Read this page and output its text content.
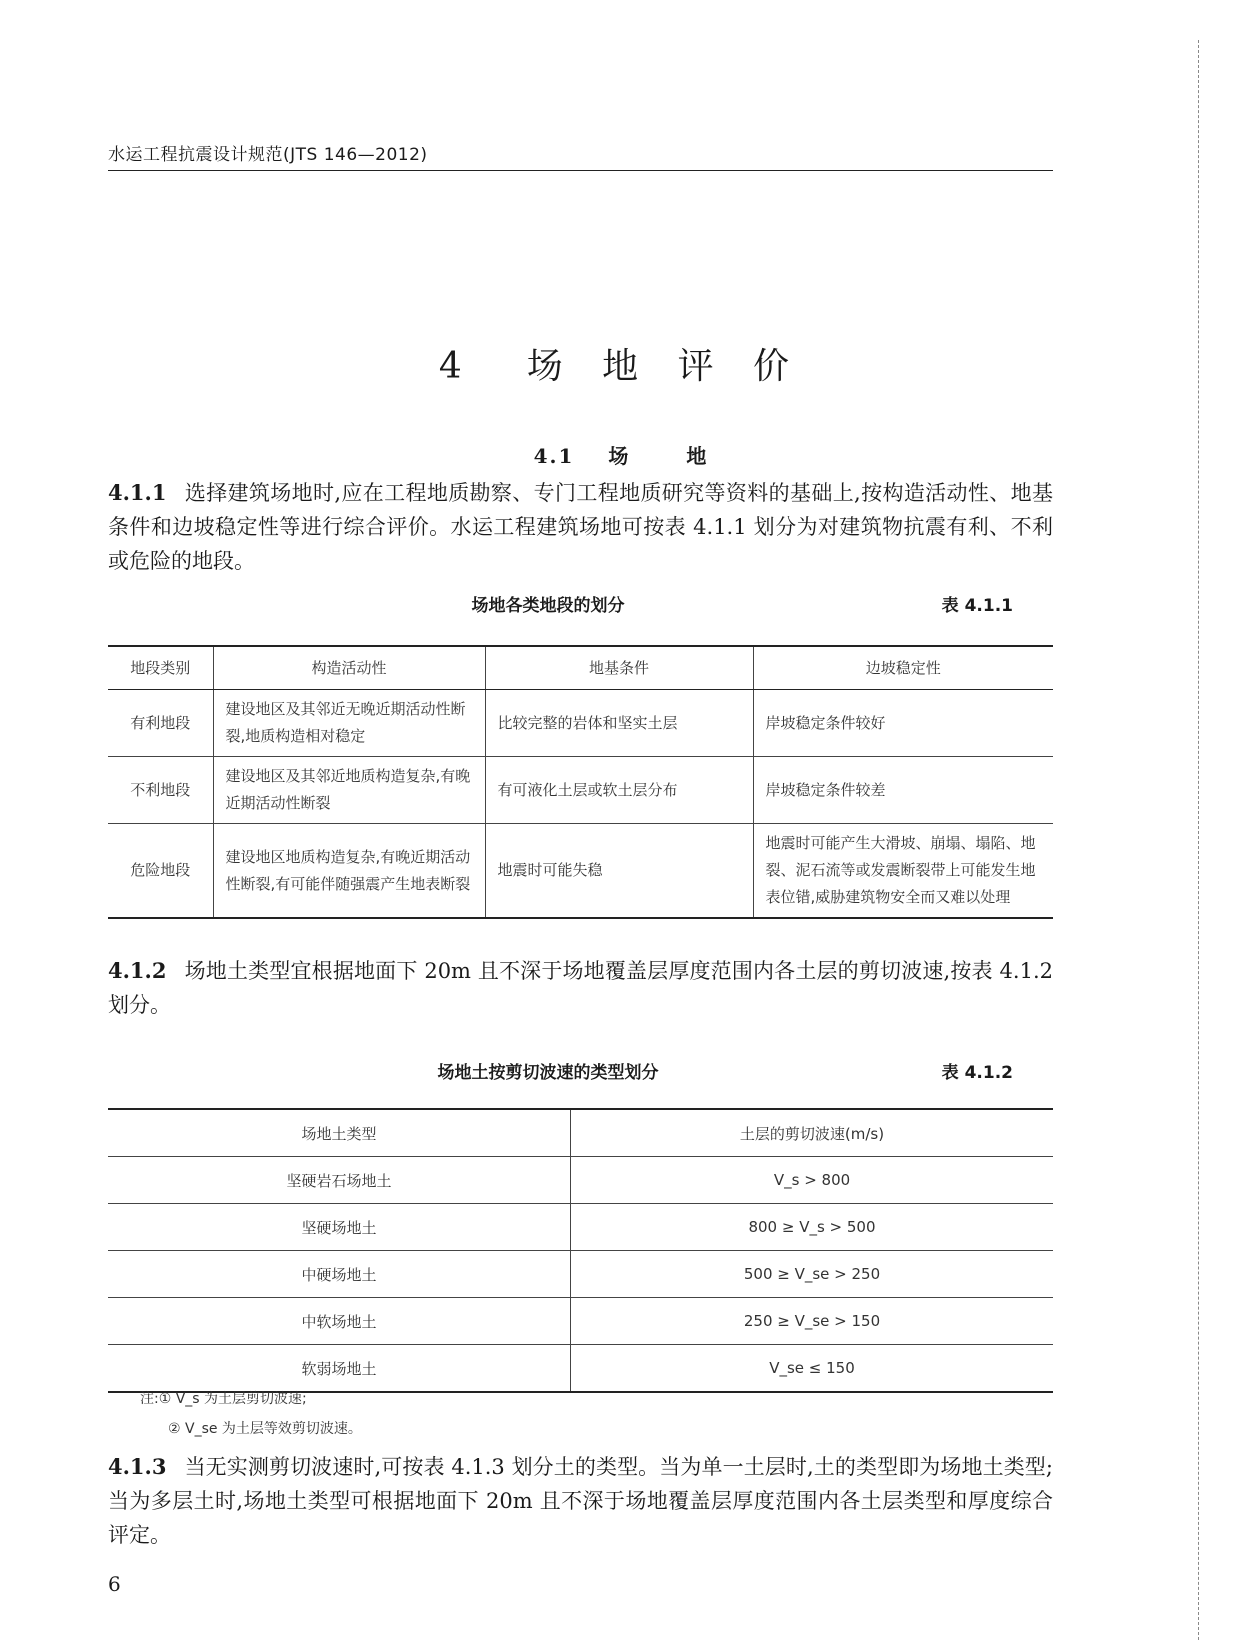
水运工程抗震设计规范(JTS 146—2012)
4 场 地 评 价
4.1 场	地
4.1.1 选择建筑场地时,应在工程地质勘察、专门工程地质研究等资料的基础上,按构造活动性、地基条件和边坡稳定性等进行综合评价。水运工程建筑场地可按表 4.1.1 划分为对建筑物抗震有利、不利或危险的地段。
场地各类地段的划分	表 4.1.1
地段类别	构造活动性	地基条件	边坡稳定性
有利地段	建设地区及其邻近无晚近期活动性断裂,地质构造相对稳定	比较完整的岩体和坚实土层	岸坡稳定条件较好
不利地段	建设地区及其邻近地质构造复杂,有晚近期活动性断裂	有可液化土层或软土层分布	岸坡稳定条件较差
危险地段	建设地区地质构造复杂,有晚近期活动性断裂,有可能伴随强震产生地表断裂	地震时可能失稳	地震时可能产生大滑坡、崩塌、塌陷、地裂、泥石流等或发震断裂带上可能发生地表位错,威胁建筑物安全而又难以处理
4.1.2 场地土类型宜根据地面下 20m 且不深于场地覆盖层厚度范围内各土层的剪切波速,按表 4.1.2 划分。
场地土按剪切波速的类型划分	表 4.1.2
场地土类型	土层的剪切波速(m/s)
坚硬岩石场地土	V_s > 800
坚硬场地土	800 ≥ V_s > 500
中硬场地土	500 ≥ V_se > 250
中软场地土	250 ≥ V_se > 150
软弱场地土	V_se ≤ 150
注:① V_s 为土层剪切波速;
② V_se 为土层等效剪切波速。
4.1.3 当无实测剪切波速时,可按表 4.1.3 划分土的类型。当为单一土层时,土的类型即为场地土类型;当为多层土时,场地土类型可根据地面下 20m 且不深于场地覆盖层厚度范围内各土层类型和厚度综合评定。
6
